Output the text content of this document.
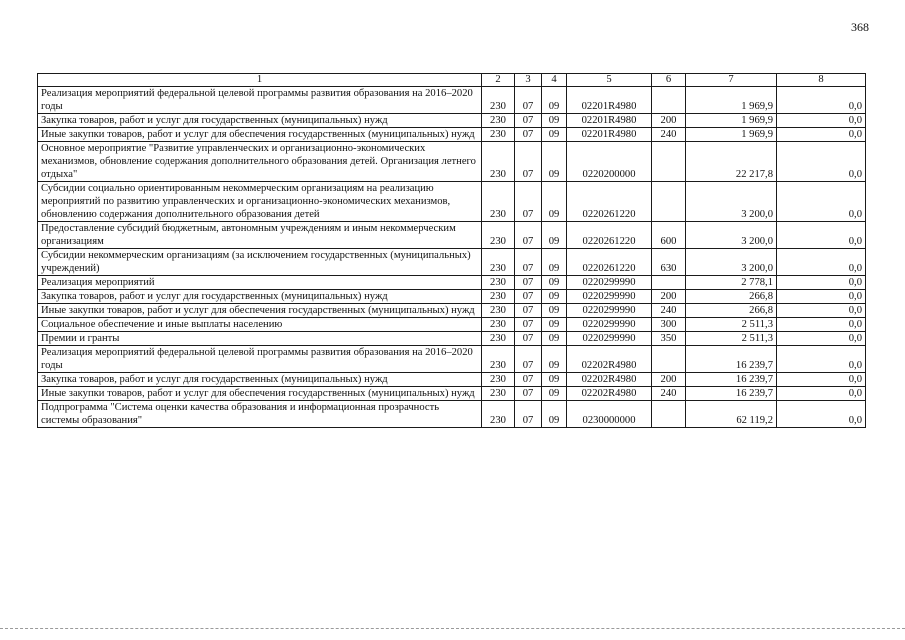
368
1	2	3	4	5	6	7	8
Реализация мероприятий федеральной целевой программы развития образования на 2016–2020 годы	230	07	09	02201R4980		1 969,9	0,0
Закупка товаров, работ и услуг для государственных (муниципальных) нужд	230	07	09	02201R4980	200	1 969,9	0,0
Иные закупки товаров, работ и услуг для обеспечения государственных (муниципальных) нужд	230	07	09	02201R4980	240	1 969,9	0,0
Основное мероприятие "Развитие управленческих и организационно-экономических механизмов, обновление содержания дополнительного образования детей. Организация летнего отдыха"	230	07	09	0220200000		22 217,8	0,0
Субсидии социально ориентированным некоммерческим организациям на реализацию мероприятий по развитию управленческих и организационно-экономических механизмов, обновлению содержания дополнительного образования детей	230	07	09	0220261220		3 200,0	0,0
Предоставление субсидий бюджетным, автономным учреждениям и иным некоммерческим организациям	230	07	09	0220261220	600	3 200,0	0,0
Субсидии некоммерческим организациям (за исключением государственных (муниципальных) учреждений)	230	07	09	0220261220	630	3 200,0	0,0
Реализация мероприятий	230	07	09	0220299990		2 778,1	0,0
Закупка товаров, работ и услуг для государственных (муниципальных) нужд	230	07	09	0220299990	200	266,8	0,0
Иные закупки товаров, работ и услуг для обеспечения государственных (муниципальных) нужд	230	07	09	0220299990	240	266,8	0,0
Социальное обеспечение и иные выплаты населению	230	07	09	0220299990	300	2 511,3	0,0
Премии и гранты	230	07	09	0220299990	350	2 511,3	0,0
Реализация мероприятий федеральной целевой программы развития образования на 2016–2020 годы	230	07	09	02202R4980		16 239,7	0,0
Закупка товаров, работ и услуг для государственных (муниципальных) нужд	230	07	09	02202R4980	200	16 239,7	0,0
Иные закупки товаров, работ и услуг для обеспечения государственных (муниципальных) нужд	230	07	09	02202R4980	240	16 239,7	0,0
Подпрограмма "Система оценки качества образования и информационная прозрачность системы образования"	230	07	09	0230000000		62 119,2	0,0
